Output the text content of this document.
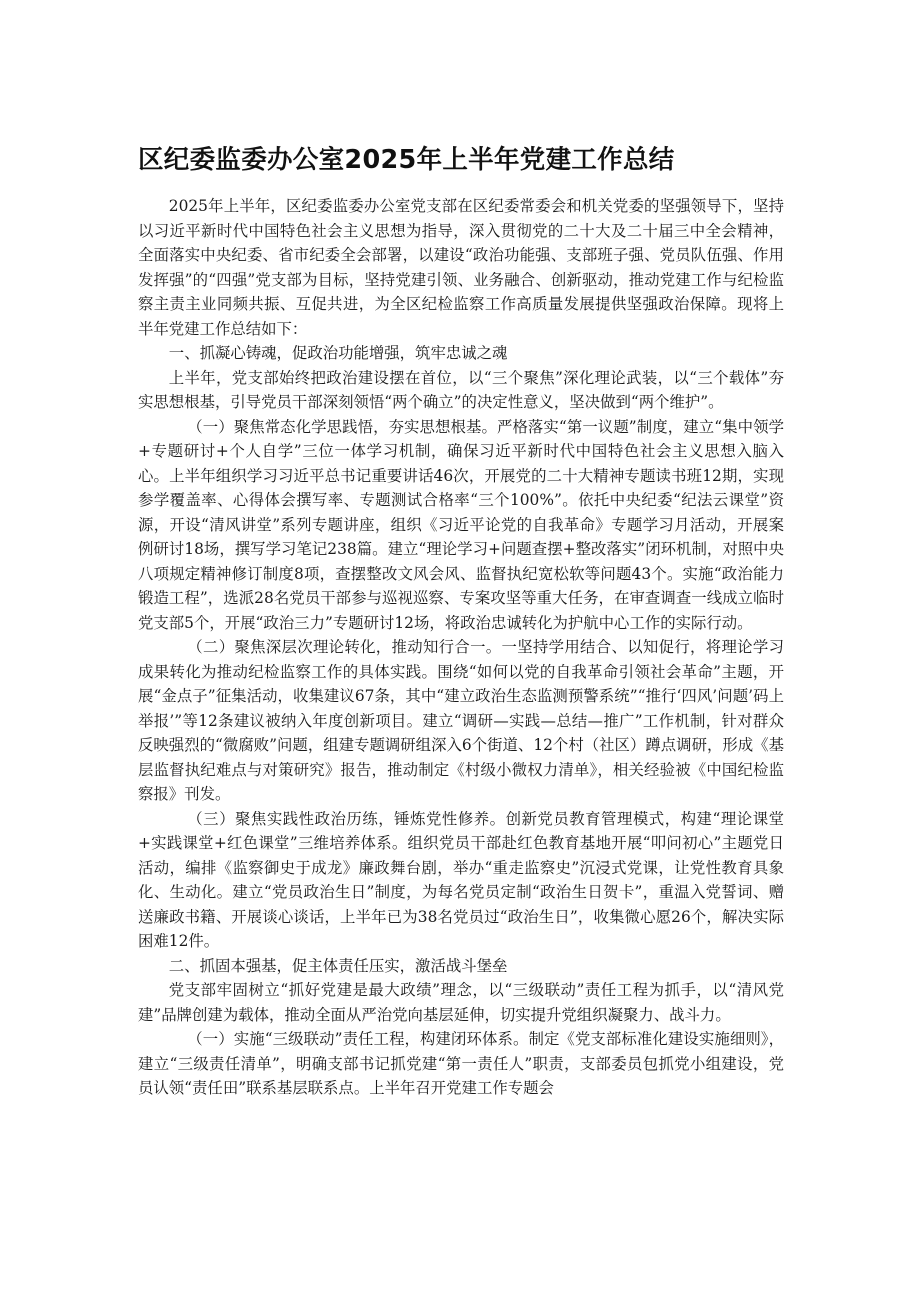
区纪委监委办公室2025年上半年党建工作总结

2025年上半年，区纪委监委办公室党支部在区纪委常委会和机关党委的坚强领导下，坚持以习近平新时代中国特色社会主义思想为指导，深入贯彻党的二十大及二十届三中全会精神，全面落实中央纪委、省市纪委全会部署，以建设“政治功能强、支部班子强、党员队伍强、作用发挥强”的“四强”党支部为目标，坚持党建引领、业务融合、创新驱动，推动党建工作与纪检监察主责主业同频共振、互促共进，为全区纪检监察工作高质量发展提供坚强政治保障。现将上半年党建工作总结如下：

一、抓凝心铸魂，促政治功能增强，筑牢忠诚之魂

上半年，党支部始终把政治建设摆在首位，以“三个聚焦”深化理论武装，以“三个载体”夯实思想根基，引导党员干部深刻领悟“两个确立”的决定性意义，坚决做到“两个维护”。

（一）聚焦常态化学思践悟，夯实思想根基。严格落实“第一议题”制度，建立“集中领学+专题研讨+个人自学”三位一体学习机制，确保习近平新时代中国特色社会主义思想入脑入心。上半年组织学习习近平总书记重要讲话46次，开展党的二十大精神专题读书班12期，实现参学覆盖率、心得体会撰写率、专题测试合格率“三个100%”。依托中央纪委“纪法云课堂”资源，开设“清风讲堂”系列专题讲座，组织《习近平论党的自我革命》专题学习月活动，开展案例研讨18场，撰写学习笔记238篇。建立“理论学习+问题查摆+整改落实”闭环机制，对照中央八项规定精神修订制度8项，查摆整改文风会风、监督执纪宽松软等问题43个。实施“政治能力锻造工程”，选派28名党员干部参与巡视巡察、专案攻坚等重大任务，在审查调查一线成立临时党支部5个，开展“政治三力”专题研讨12场，将政治忠诚转化为护航中心工作的实际行动。

（二）聚焦深层次理论转化，推动知行合一。一坚持学用结合、以知促行，将理论学习成果转化为推动纪检监察工作的具体实践。围绕“如何以党的自我革命引领社会革命”主题，开展“金点子”征集活动，收集建议67条，其中“建立政治生态监测预警系统”“推行‘四风’问题’码上举报’”等12条建议被纳入年度创新项目。建立“调研—实践—总结—推广”工作机制，针对群众反映强烈的“微腐败”问题，组建专题调研组深入6个街道、12个村（社区）蹲点调研，形成《基层监督执纪难点与对策研究》报告，推动制定《村级小微权力清单》，相关经验被《中国纪检监察报》刊发。

（三）聚焦实践性政治历练，锤炼党性修养。创新党员教育管理模式，构建“理论课堂+实践课堂+红色课堂”三维培养体系。组织党员干部赴红色教育基地开展“叩问初心”主题党日活动，编排《监察御史于成龙》廉政舞台剧，举办“重走监察史”沉浸式党课，让党性教育具象化、生动化。建立“党员政治生日”制度，为每名党员定制“政治生日贺卡”，重温入党誓词、赠送廉政书籍、开展谈心谈话，上半年已为38名党员过“政治生日”，收集微心愿26个，解决实际困难12件。

二、抓固本强基，促主体责任压实，激活战斗堡垒

党支部牢固树立“抓好党建是最大政绩”理念，以“三级联动”责任工程为抓手，以“清风党建”品牌创建为载体，推动全面从严治党向基层延伸，切实提升党组织凝聚力、战斗力。

（一）实施“三级联动”责任工程，构建闭环体系。制定《党支部标准化建设实施细则》，建立“三级责任清单”，明确支部书记抓党建“第一责任人”职责，支部委员包抓党小组建设，党员认领“责任田”联系基层联系点。上半年召开党建工作专题会
